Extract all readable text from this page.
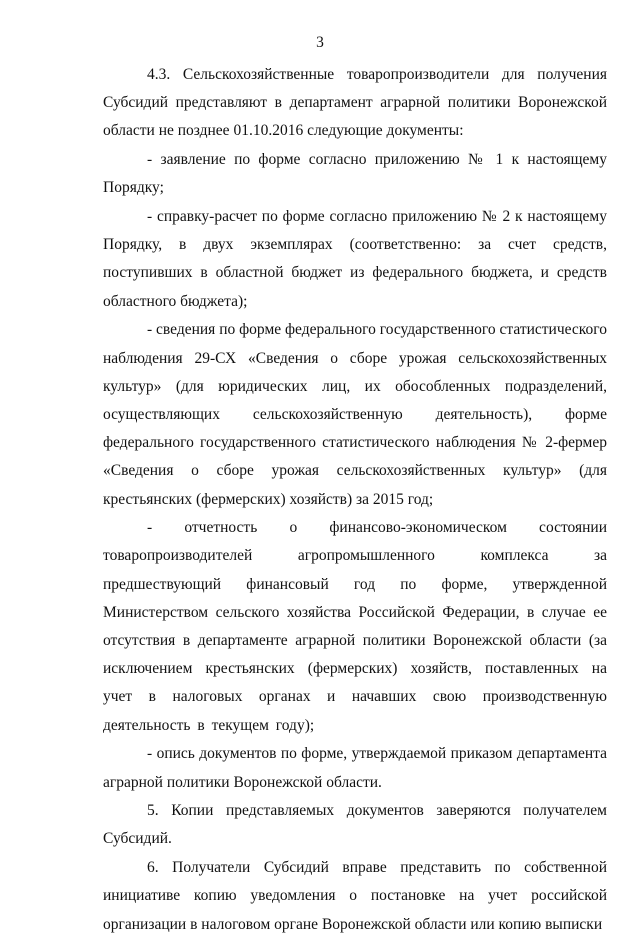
3

4.3. Сельскохозяйственные товаропроизводители для получения Субсидий представляют в департамент аграрной политики Воронежской области не позднее 01.10.2016 следующие документы:

- заявление по форме согласно приложению № 1 к настоящему Порядку;

- справку-расчет по форме согласно приложению № 2 к настоящему Порядку, в двух экземплярах (соответственно: за счет средств, поступивших в областной бюджет из федерального бюджета, и средств областного бюджета);

- сведения по форме федерального государственного статистического наблюдения 29-СХ «Сведения о сборе урожая сельскохозяйственных культур» (для юридических лиц, их обособленных подразделений, осуществляющих сельскохозяйственную деятельность), форме федерального государственного статистического наблюдения № 2-фермер «Сведения о сборе урожая сельскохозяйственных культур» (для крестьянских (фермерских) хозяйств) за 2015 год;

- отчетность о финансово-экономическом состоянии товаропроизводителей агропромышленного комплекса за предшествующий финансовый год по форме, утвержденной Министерством сельского хозяйства Российской Федерации, в случае ее отсутствия в департаменте аграрной политики Воронежской области (за исключением крестьянских (фермерских) хозяйств, поставленных на учет в налоговых органах и начавших свою производственную деятельность в текущем году);

- опись документов по форме, утверждаемой приказом департамента аграрной политики Воронежской области.

5. Копии представляемых документов заверяются получателем Субсидий.

6. Получатели Субсидий вправе представить по собственной инициативе копию уведомления о постановке на учет российской организации в налоговом органе Воронежской области или копию выписки
